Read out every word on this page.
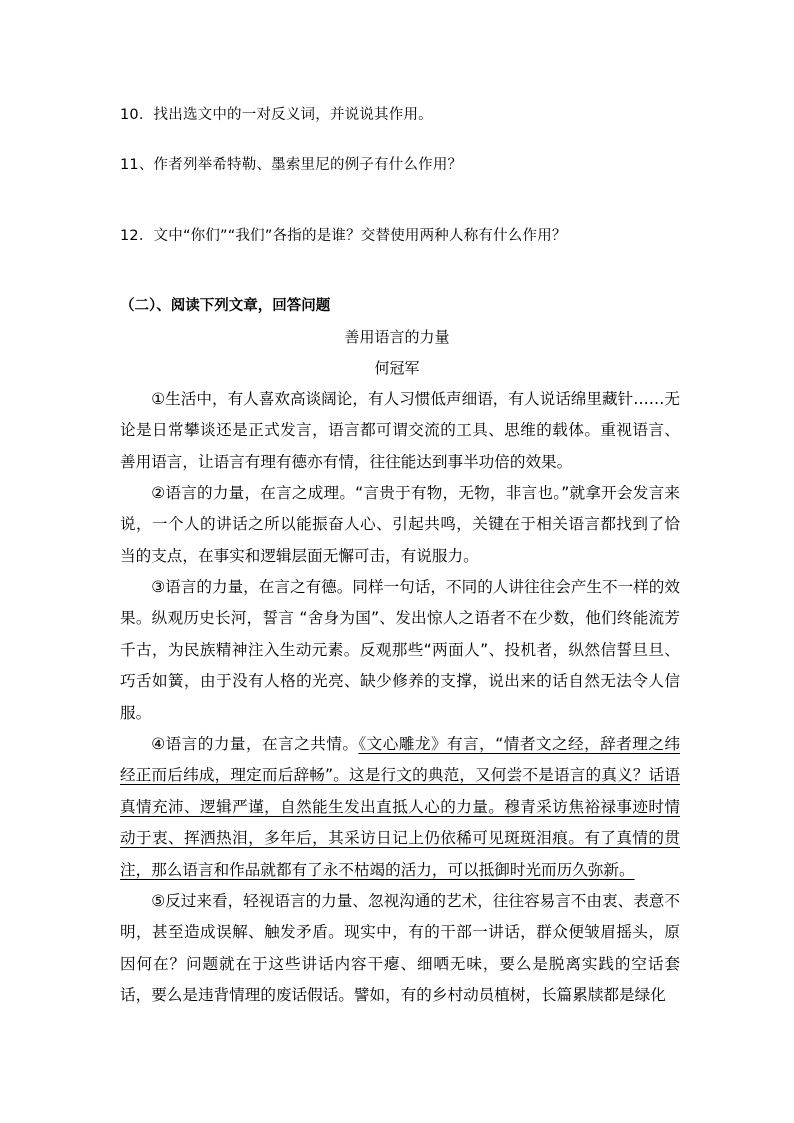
10．找出选文中的一对反义词，并说说其作用。
11、作者列举希特勒、墨索里尼的例子有什么作用？
12．文中“你们”“我们”各指的是谁？交替使用两种人称有什么作用？
（二）、阅读下列文章，回答问题
善用语言的力量
何冠军
①生活中，有人喜欢高谈阔论，有人习惯低声细语，有人说话绵里藏针……无论是日常攀谈还是正式发言，语言都可谓交流的工具、思维的载体。重视语言、善用语言，让语言有理有德亦有情，往往能达到事半功倍的效果。
②语言的力量，在言之成理。“言贵于有物，无物，非言也。”就拿开会发言来说，一个人的讲话之所以能振奋人心、引起共鸣，关键在于相关语言都找到了恰当的支点，在事实和逻辑层面无懈可击，有说服力。
③语言的力量，在言之有德。同样一句话，不同的人讲往往会产生不一样的效果。纵观历史长河，誓言 “舍身为国”、发出惊人之语者不在少数，他们终能流芳千古，为民族精神注入生动元素。反观那些“两面人”、投机者，纵然信誓旦旦、巧舌如簧，由于没有人格的光亮、缺少修养的支撑，说出来的话自然无法令人信服。
④语言的力量，在言之共情。《文心雕龙》有言，“情者文之经，辞者理之纬经正而后纬成，理定而后辞畅”。这是行文的典范，又何尝不是语言的真义？话语真情充沛、逻辑严谨，自然能生发出直抵人心的力量。穆青采访焦裕禄事迹时情动于衷、挥洒热泪，多年后，其采访日记上仍依稀可见斑斑泪痕。有了真情的贯注，那么语言和作品就都有了永不枯竭的活力，可以抵御时光而历久弥新。
⑤反过来看，轻视语言的力量、忽视沟通的艺术，往往容易言不由衷、表意不明，甚至造成误解、触发矛盾。现实中，有的干部一讲话，群众便皱眉摇头，原因何在？问题就在于这些讲话内容干瘪、细哂无味，要么是脱离实践的空话套话，要么是违背情理的废话假话。譬如，有的乡村动员植树，长篇累牍都是绿化
